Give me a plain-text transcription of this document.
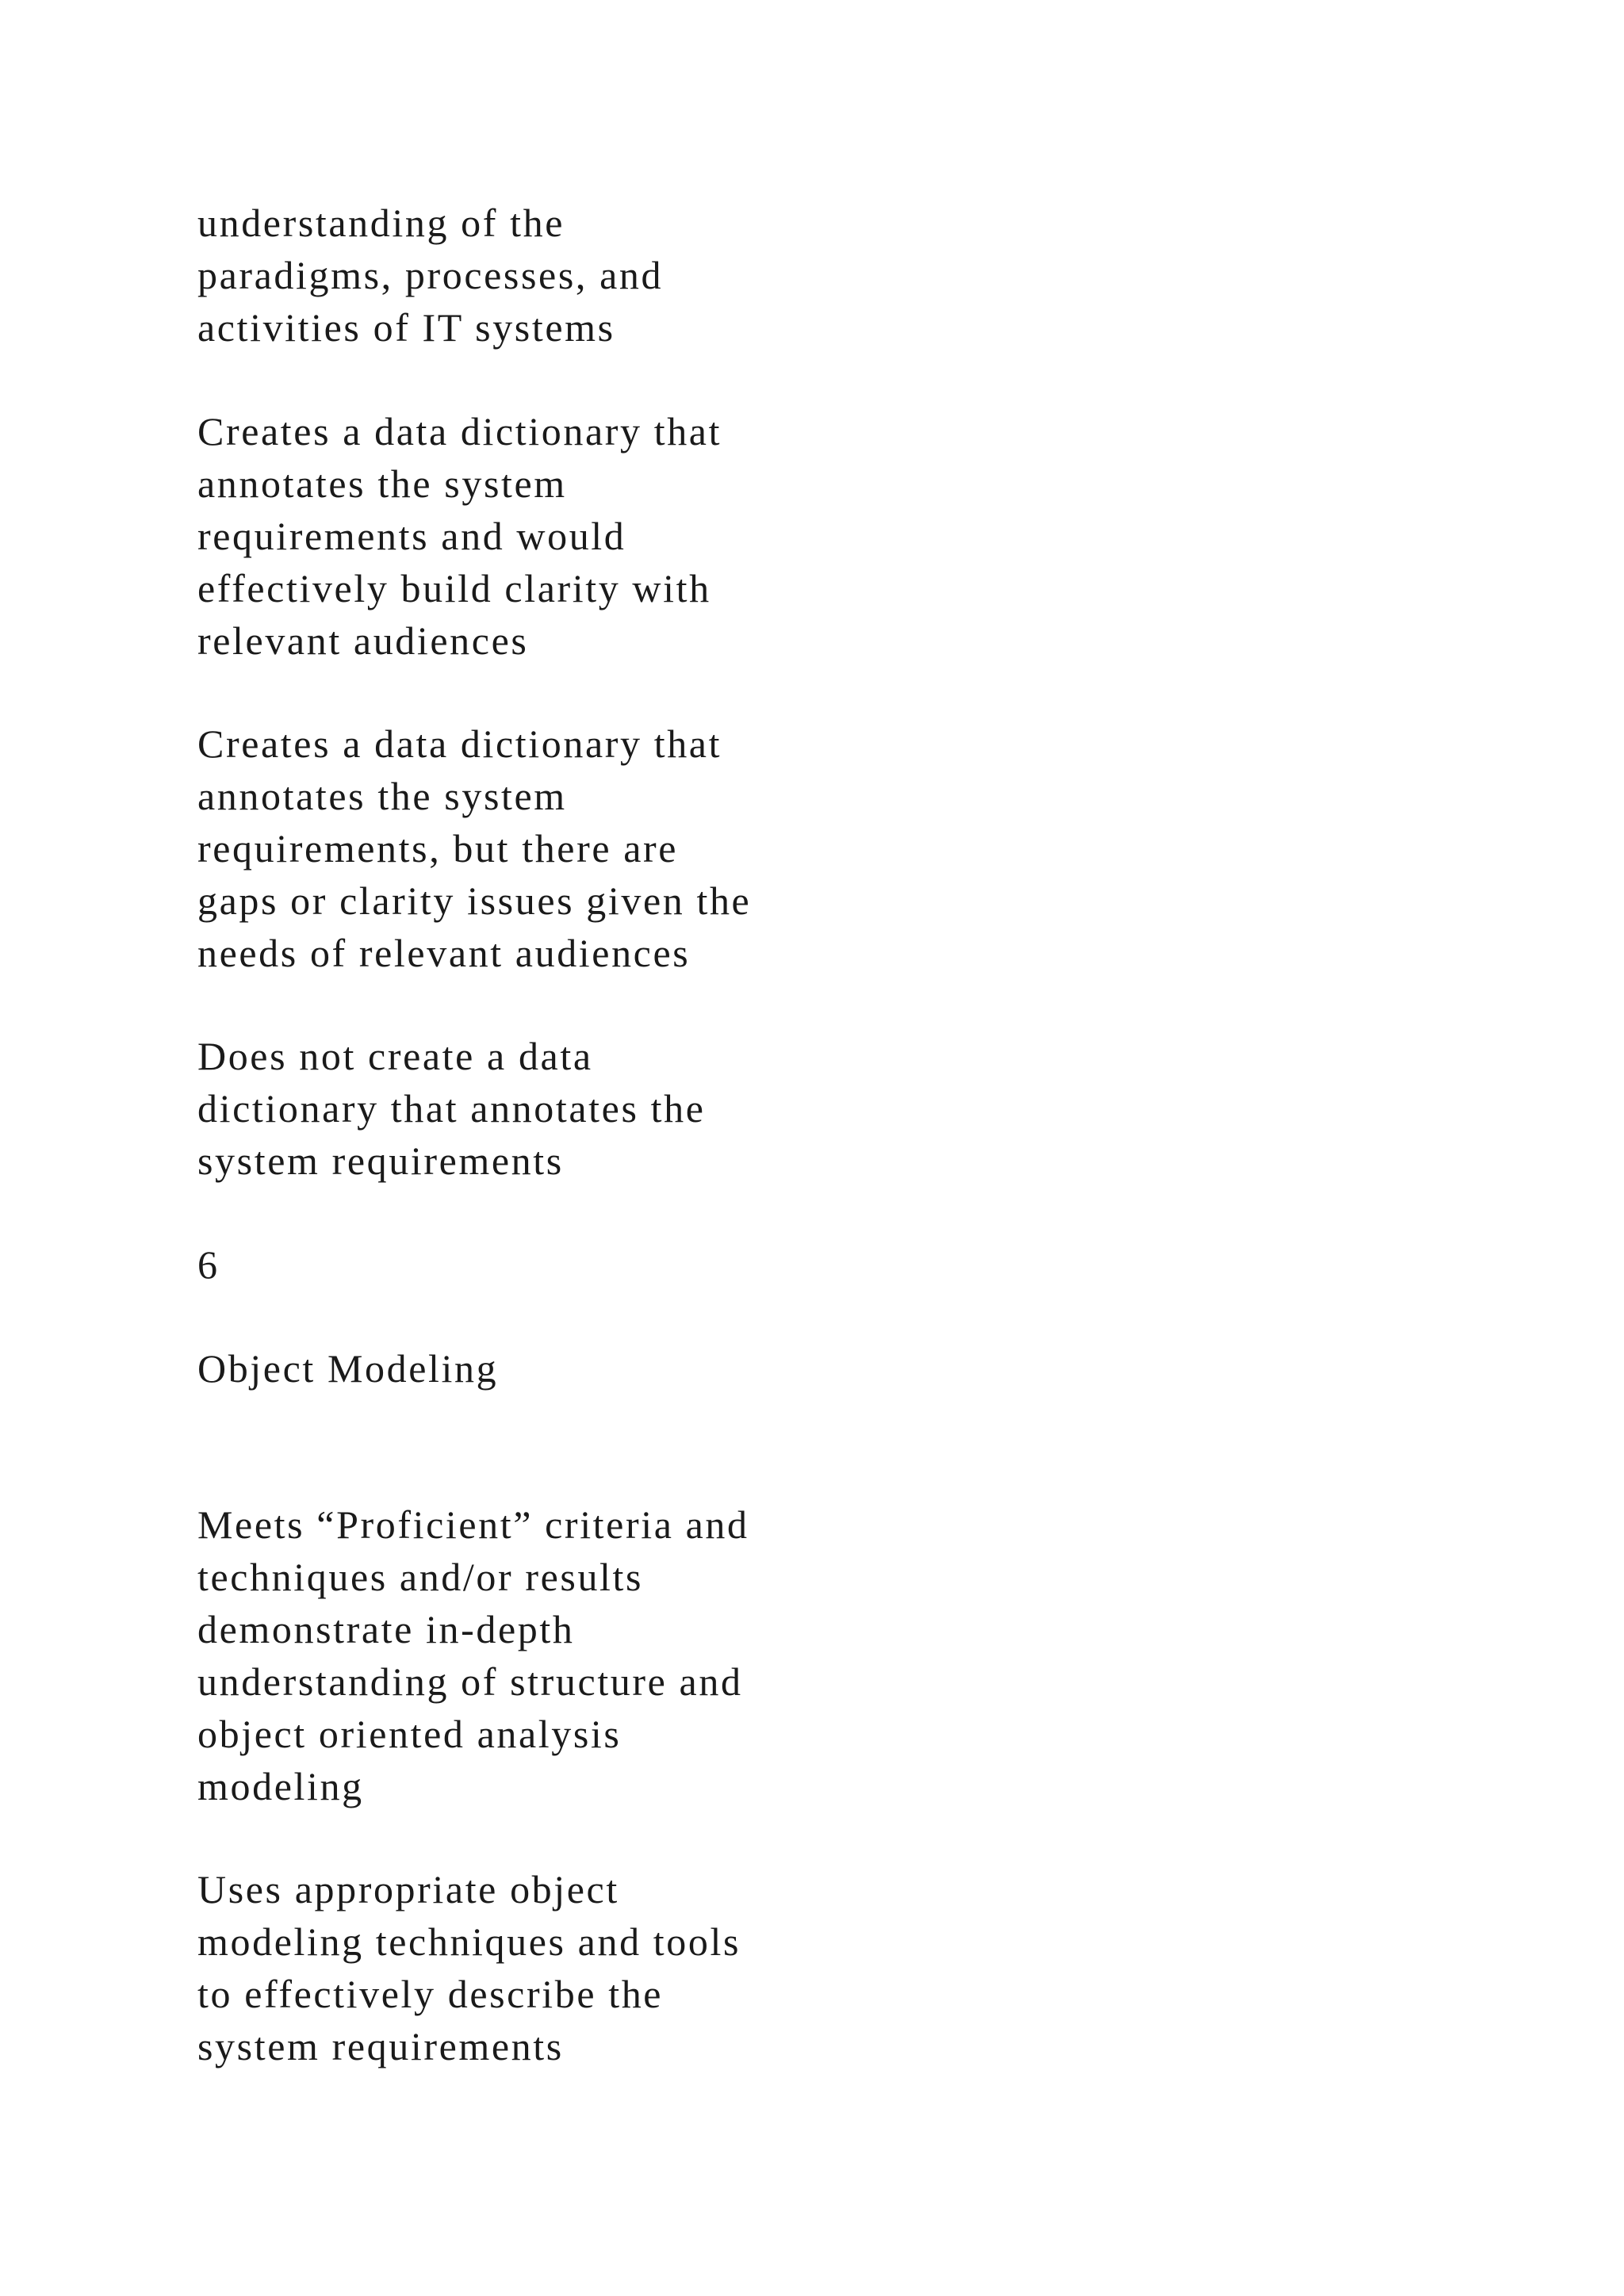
understanding of the
paradigms, processes, and
activities of IT systems

Creates a data dictionary that
annotates the system
requirements and would
effectively build clarity with
relevant audiences

Creates a data dictionary that
annotates the system
requirements, but there are
gaps or clarity issues given the
needs of relevant audiences

Does not create a data
dictionary that annotates the
system requirements

6

Object Modeling

Meets “Proficient” criteria and
techniques and/or results
demonstrate in-depth
understanding of structure and
object oriented analysis
modeling

Uses appropriate object
modeling techniques and tools
to effectively describe the
system requirements
